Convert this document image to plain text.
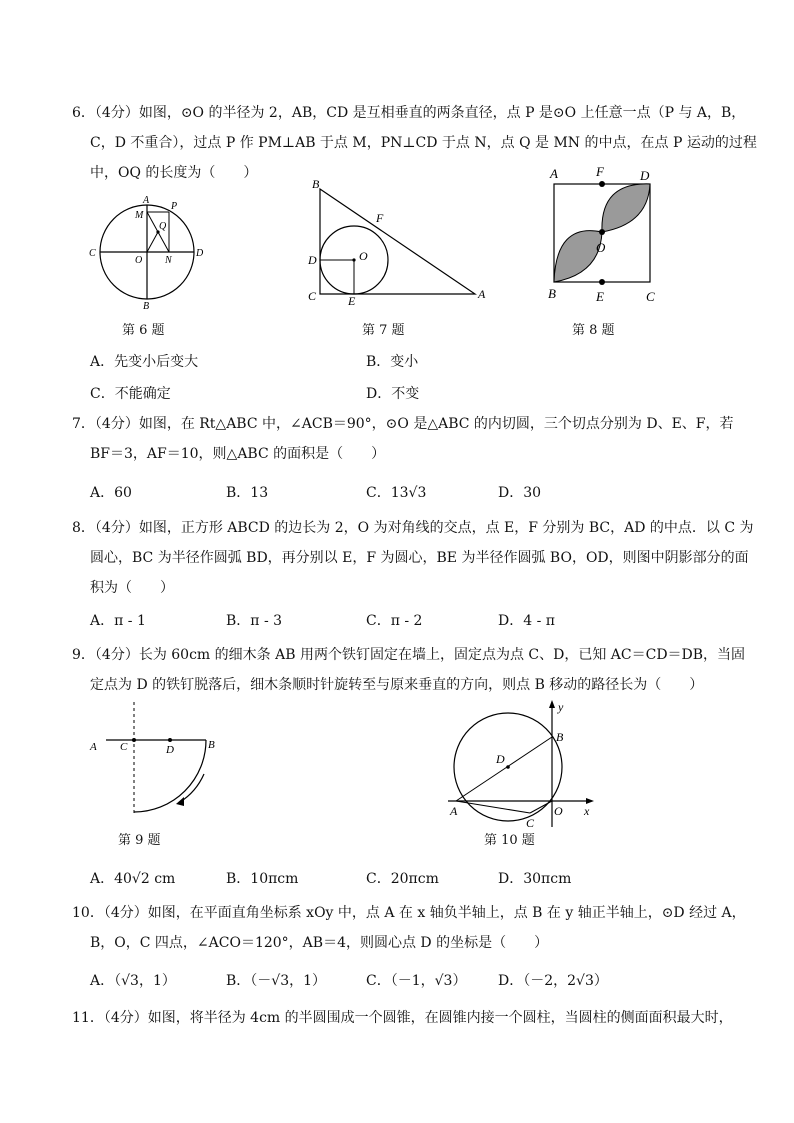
6．（4分）如图，⊙O 的半径为 2，AB，CD 是互相垂直的两条直径，点 P 是⊙O 上任意一点（P 与 A，B，
C，D 不重合），过点 P 作 PM⊥AB 于点 M，PN⊥CD 于点 N，点 Q 是 MN 的中点，在点 P 运动的过程
中，OQ 的长度为（　　）
A
B
C	D
M
P
Q
O N
第 6 题
B
F
O
D
C	E	A
第 7 题
A	F	D
O
B	E	C
第 8 题
A．先变小后变大	B．变小
C．不能确定	D．不变
7．（4分）如图，在 Rt△ABC 中，∠ACB＝90°，⊙O 是△ABC 的内切圆，三个切点分别为 D、E、F，若
BF＝3，AF＝10，则△ABC 的面积是（　　）
A．60	B．13	C．13√3	D．30
8．（4分）如图，正方形 ABCD 的边长为 2，O 为对角线的交点，点 E，F 分别为 BC，AD 的中点．以 C 为
圆心，BC 为半径作圆弧 BD，再分别以 E，F 为圆心，BE 为半径作圆弧 BO，OD，则图中阴影部分的面
积为（　　）
A．π - 1	B．π - 3	C．π - 2	D．4 - π
9．（4分）长为 60cm 的细木条 AB 用两个铁钉固定在墙上，固定点为点 C、D，已知 AC＝CD＝DB，当固
定点为 D 的铁钉脱落后，细木条顺时针旋转至与原来垂直的方向，则点 B 移动的路径长为（　　）
A C	D	B
第 9 题
y
B
D
A	O x
C
第 10 题
A．40√2 cm	B．10πcm	C．20πcm	D．30πcm
10．（4分）如图，在平面直角坐标系 xOy 中，点 A 在 x 轴负半轴上，点 B 在 y 轴正半轴上，⊙D 经过 A，
B，O，C 四点，∠ACO＝120°，AB＝4，则圆心点 D 的坐标是（　　）
A．（√3，1）	B．（－√3，1）	C．（－1，√3） D．（－2，2√3）
11．（4分）如图，将半径为 4cm 的半圆围成一个圆锥，在圆锥内接一个圆柱，当圆柱的侧面面积最大时，
